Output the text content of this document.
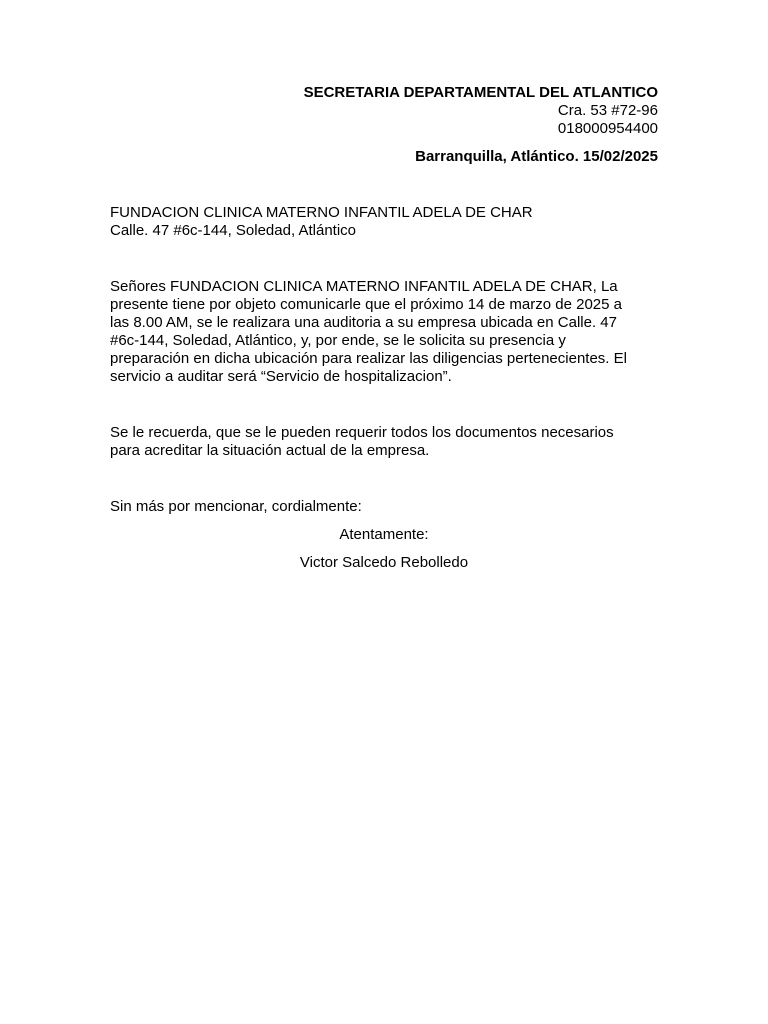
SECRETARIA DEPARTAMENTAL DEL ATLANTICO
Cra. 53 #72-96
018000954400
Barranquilla, Atlántico. 15/02/2025
FUNDACION CLINICA MATERNO INFANTIL ADELA DE CHAR
Calle. 47 #6c-144, Soledad, Atlántico
Señores FUNDACION CLINICA MATERNO INFANTIL ADELA DE CHAR, La
presente tiene por objeto comunicarle que el próximo 14 de marzo de 2025 a
las 8.00 AM, se le realizara una auditoria a su empresa ubicada en Calle. 47
#6c-144, Soledad, Atlántico, y, por ende, se le solicita su presencia y
preparación en dicha ubicación para realizar las diligencias pertenecientes. El
servicio a auditar será “Servicio de hospitalizacion”.
Se le recuerda, que se le pueden requerir todos los documentos necesarios
para acreditar la situación actual de la empresa.
Sin más por mencionar, cordialmente:
Atentamente:
Victor Salcedo Rebolledo
